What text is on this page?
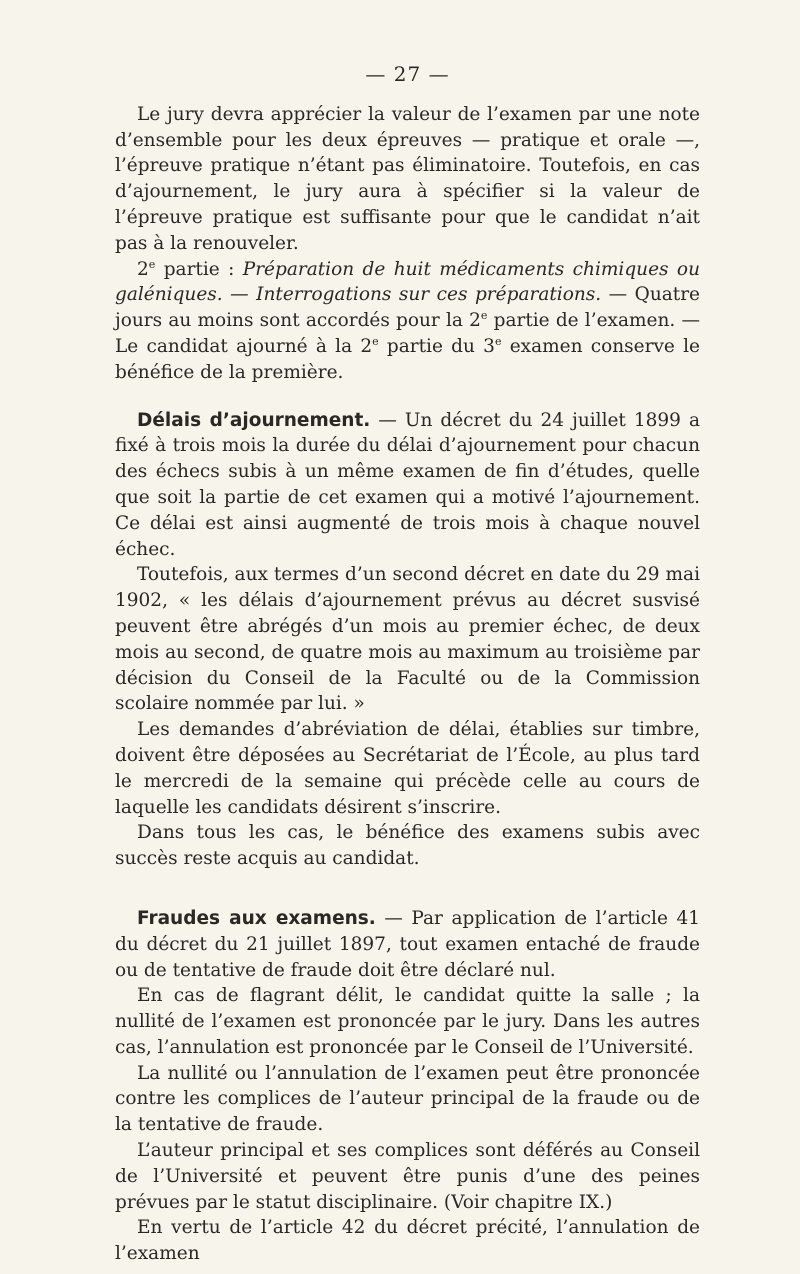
— 27 —

Le jury devra apprécier la valeur de l’examen par une note d’ensemble pour les deux épreuves — pratique et orale —, l’épreuve pratique n’étant pas éliminatoire. Toutefois, en cas d’ajournement, le jury aura à spécifier si la valeur de l’épreuve pratique est suffisante pour que le candidat n’ait pas à la renouveler.

2e partie : Préparation de huit médicaments chimiques ou galéniques. — Interrogations sur ces préparations. — Quatre jours au moins sont accordés pour la 2e partie de l’examen. — Le candidat ajourné à la 2e partie du 3e examen conserve le bénéfice de la première.

Délais d’ajournement. — Un décret du 24 juillet 1899 a fixé à trois mois la durée du délai d’ajournement pour chacun des échecs subis à un même examen de fin d’études, quelle que soit la partie de cet examen qui a motivé l’ajournement. Ce délai est ainsi augmenté de trois mois à chaque nouvel échec.

Toutefois, aux termes d’un second décret en date du 29 mai 1902, « les délais d’ajournement prévus au décret susvisé peuvent être abrégés d’un mois au premier échec, de deux mois au second, de quatre mois au maximum au troisième par décision du Conseil de la Faculté ou de la Commission scolaire nommée par lui. »

Les demandes d’abréviation de délai, établies sur timbre, doivent être déposées au Secrétariat de l’École, au plus tard le mercredi de la semaine qui précède celle au cours de laquelle les candidats désirent s’inscrire.

Dans tous les cas, le bénéfice des examens subis avec succès reste acquis au candidat.

Fraudes aux examens. — Par application de l’article 41 du décret du 21 juillet 1897, tout examen entaché de fraude ou de tentative de fraude doit être déclaré nul.

En cas de flagrant délit, le candidat quitte la salle ; la nullité de l’examen est prononcée par le jury. Dans les autres cas, l’annulation est prononcée par le Conseil de l’Université.

La nullité ou l’annulation de l’examen peut être prononcée contre les complices de l’auteur principal de la fraude ou de la tentative de fraude.

L’auteur principal et ses complices sont déférés au Conseil de l’Université et peuvent être punis d’une des peines prévues par le statut disciplinaire. (Voir chapitre IX.)

En vertu de l’article 42 du décret précité, l’annulation de l’examen
